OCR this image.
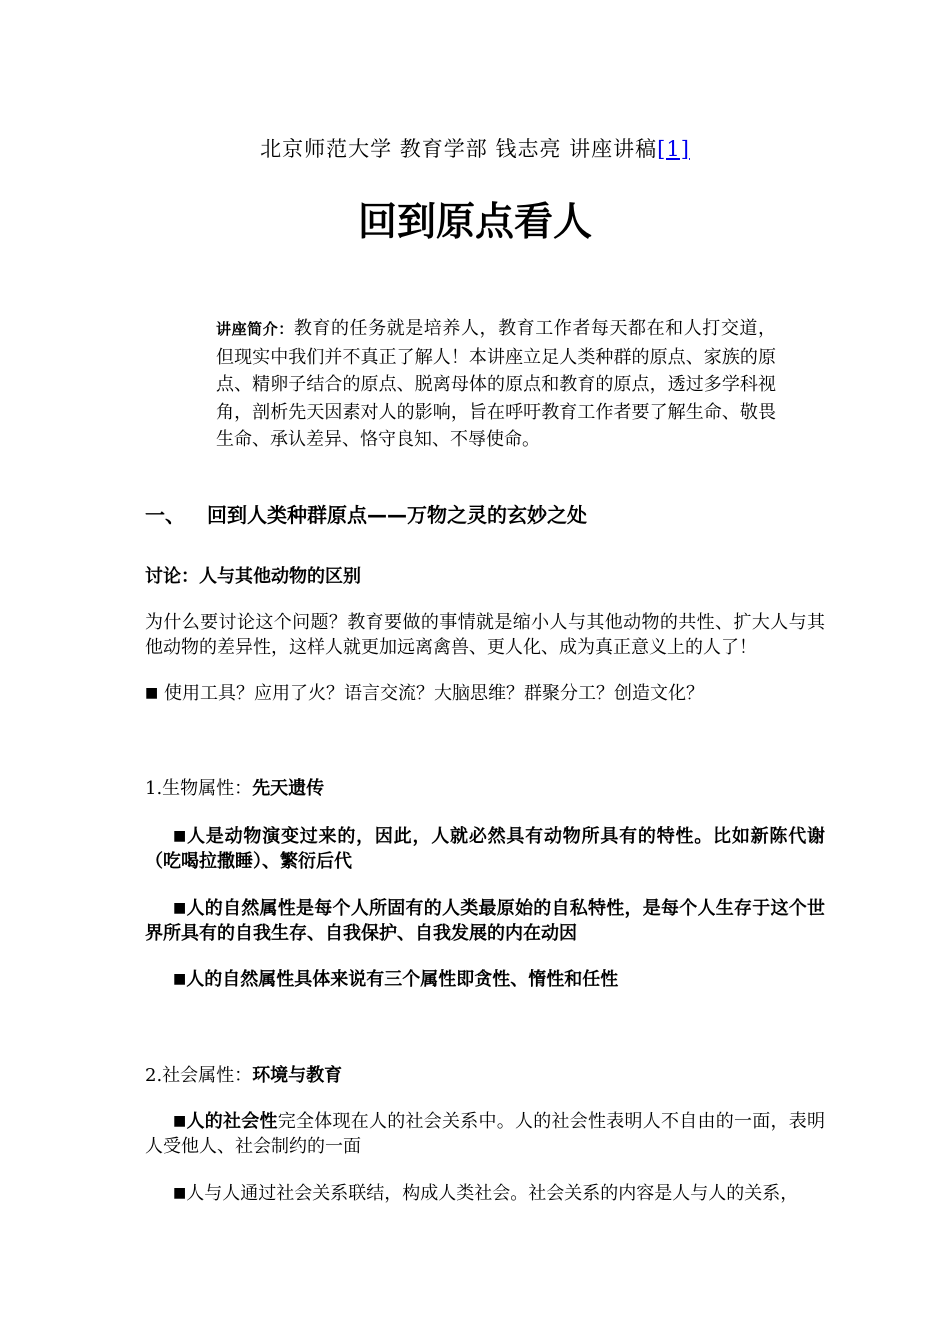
北京师范大学 教育学部 钱志亮 讲座讲稿[1]
回到原点看人
讲座简介：教育的任务就是培养人，教育工作者每天都在和人打交道，但现实中我们并不真正了解人！本讲座立足人类种群的原点、家族的原点、精卵子结合的原点、脱离母体的原点和教育的原点，透过多学科视角，剖析先天因素对人的影响，旨在呼吁教育工作者要了解生命、敬畏生命、承认差异、恪守良知、不辱使命。
一、 回到人类种群原点——万物之灵的玄妙之处
讨论：人与其他动物的区别
为什么要讨论这个问题？教育要做的事情就是缩小人与其他动物的共性、扩大人与其他动物的差异性，这样人就更加远离禽兽、更人化、成为真正意义上的人了！
■ 使用工具？应用了火？语言交流？大脑思维？群聚分工？创造文化？
1.生物属性：先天遗传
■人是动物演变过来的，因此，人就必然具有动物所具有的特性。比如新陈代谢（吃喝拉撒睡）、繁衍后代
■人的自然属性是每个人所固有的人类最原始的自私特性，是每个人生存于这个世界所具有的自我生存、自我保护、自我发展的内在动因
■人的自然属性具体来说有三个属性即贪性、惰性和任性
2.社会属性：环境与教育
■人的社会性完全体现在人的社会关系中。人的社会性表明人不自由的一面，表明人受他人、社会制约的一面
■人与人通过社会关系联结，构成人类社会。社会关系的内容是人与人的关系，
